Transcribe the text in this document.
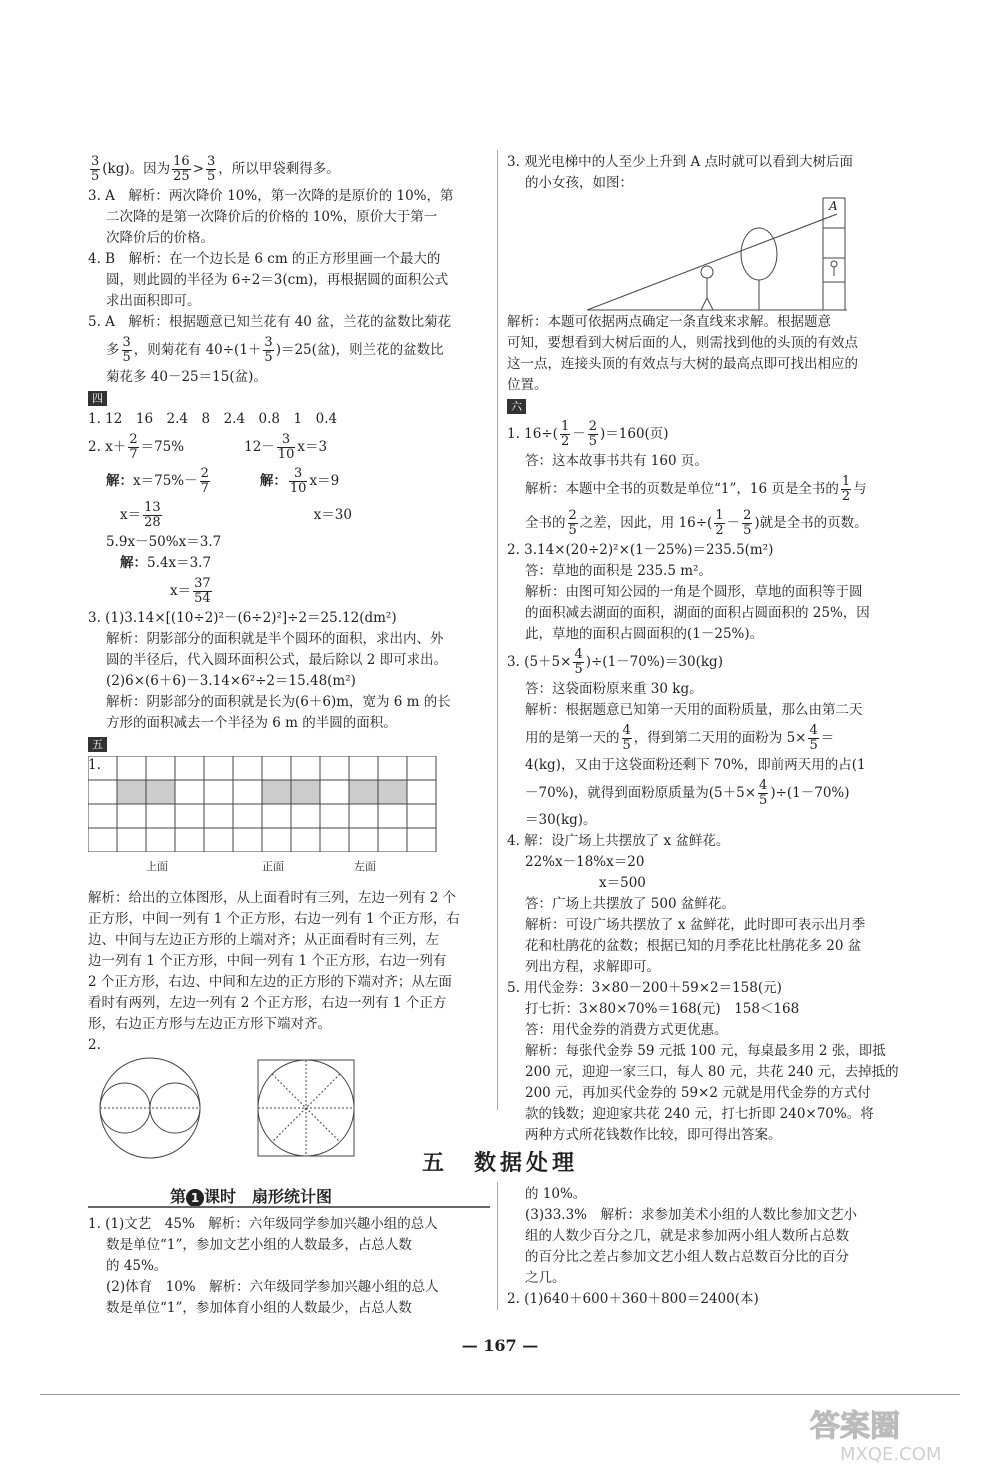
$\frac{3}{5} (kg)$。因为 $\frac{16}{25} > \frac{3}{5}$ ，所以甲袋剩得多。
3. A　解析：两次降价 10%，第一次降的是原价的 10%，第
二次降的是第一次降价后的价格的 10%，原价大于第一
次降价后的价格。
4. B　解析：在一个边长是 6 cm 的正方形里画一个最大的
圆，则此圆的半径为 6÷2＝3(cm)，再根据圆的面积公式
求出面积即可。
5. A　解析：根据题意已知兰花有 40 盆，兰花的盆数比菊花
多 $\frac{3}{5}$ ，则菊花有 $40\div(1+ \frac{3}{5} )=25$(盆)，则兰花的盆数比
菊花多 40－25＝15(盆)。
四
1. 12　16　2.4　8　2.4　0.8　1　0.4
2. $x+ \frac{2}{7} =75\%$	$12- \frac{3}{10} x=3$
解：$x=75\%- \frac{2}{7}$	解： $\frac{3}{10} x=9$
$x= \frac{13}{28}$	x＝30
5.9x－50%x＝3.7
解：5.4x＝3.7
$x= \frac{37}{54}$
3. (1)3.14×[(10÷2)²－(6÷2)²]÷2＝25.12(dm²)
解析：阴影部分的面积就是半个圆环的面积，求出内、外
圆的半径后，代入圆环面积公式，最后除以 2 即可求出。
(2)6×(6＋6)－3.14×6²÷2＝15.48(m²)
解析：阴影部分的面积就是长为(6＋6)m，宽为 6 m 的长
方形的面积减去一个半径为 6 m 的半圆的面积。
五
1.
上面	正面	左面
解析：给出的立体图形，从上面看时有三列，左边一列有 2 个
正方形，中间一列有 1 个正方形，右边一列有 1 个正方形，右
边、中间与左边正方形的上端对齐；从正面看时有三列，左
边一列有 1 个正方形，中间一列有 1 个正方形，右边一列有
2 个正方形，右边、中间和左边的正方形的下端对齐；从左面
看时有两列，左边一列有 2 个正方形，右边一列有 1 个正方
形，右边正方形与左边正方形下端对齐。
2.
3. 观光电梯中的人至少上升到 A 点时就可以看到大树后面
的小女孩，如图：
A
解析：本题可依据两点确定一条直线来求解。根据题意
可知，要想看到大树后面的人，则需找到他的头顶的有效点
这一点，连接头顶的有效点与大树的最高点即可找出相应的
位置。
六
1. $16\div( \frac{1}{2} - \frac{2}{5} )=160$(页)
答：这本故事书共有 160 页。
解析：本题中全书的页数是单位“1”，16 页是全书的 $\frac{1}{2}$ 与
全书的 $\frac{2}{5}$ 之差，因此，用 $16\div( \frac{1}{2} - \frac{2}{5}$ )就是全书的页数。
2. 3.14×(20÷2)²×(1－25%)＝235.5(m²)
答：草地的面积是 235.5 m²。
解析：由图可知公园的一角是个圆形，草地的面积等于圆
的面积减去湖面的面积，湖面的面积占圆面积的 25%，因
此，草地的面积占圆面积的(1－25%)。
3. $(5+5\times \frac{4}{5} )\div(1-70\%)=30(kg)$
答：这袋面粉原来重 30 kg。
解析：根据题意已知第一天用的面粉质量，那么由第二天
用的是第一天的 $\frac{4}{5}$ ，得到第二天用的面粉为 $5\times \frac{4}{5}$ ＝
4(kg)，又由于这袋面粉还剩下 70%，即前两天用的占(1
－70%)，就得到面粉原质量为$(5+5\times \frac{4}{5} )\div(1-70\%)$
＝30(kg)。
4. 解：设广场上共摆放了 x 盆鲜花。
22%x－18%x＝20
x＝500
答：广场上共摆放了 500 盆鲜花。
解析：可设广场共摆放了 x 盆鲜花，此时即可表示出月季
花和杜鹃花的盆数；根据已知的月季花比杜鹃花多 20 盆
列出方程，求解即可。
5. 用代金券：3×80－200＋59×2＝158(元)
打七折：3×80×70%＝168(元)　158＜168
答：用代金券的消费方式更优惠。
解析：每张代金券 59 元抵 100 元，每桌最多用 2 张，即抵
200 元，迎迎一家三口，每人 80 元，共花 240 元，去掉抵的
200 元，再加买代金券的 59×2 元就是用代金券的方式付
款的钱数；迎迎家共花 240 元，打七折即 240×70%。将
两种方式所花钱数作比较，即可得出答案。
五　数据处理
第 1 课时　扇形统计图
1. (1)文艺　45%　解析：六年级同学参加兴趣小组的总人
数是单位“1”，参加文艺小组的人数最多，占总人数
的 45%。
(2)体育　10%　解析：六年级同学参加兴趣小组的总人
数是单位“1”，参加体育小组的人数最少，占总人数
的 10%。
(3)33.3%　解析：求参加美术小组的人数比参加文艺小
组的人数少百分之几，就是求参加两小组人数所占总数
的百分比之差占参加文艺小组人数占总数百分比的百分
之几。
2. (1)640＋600＋360＋800＝2400(本)
— 167 —
答案圈
MXQE.COM
